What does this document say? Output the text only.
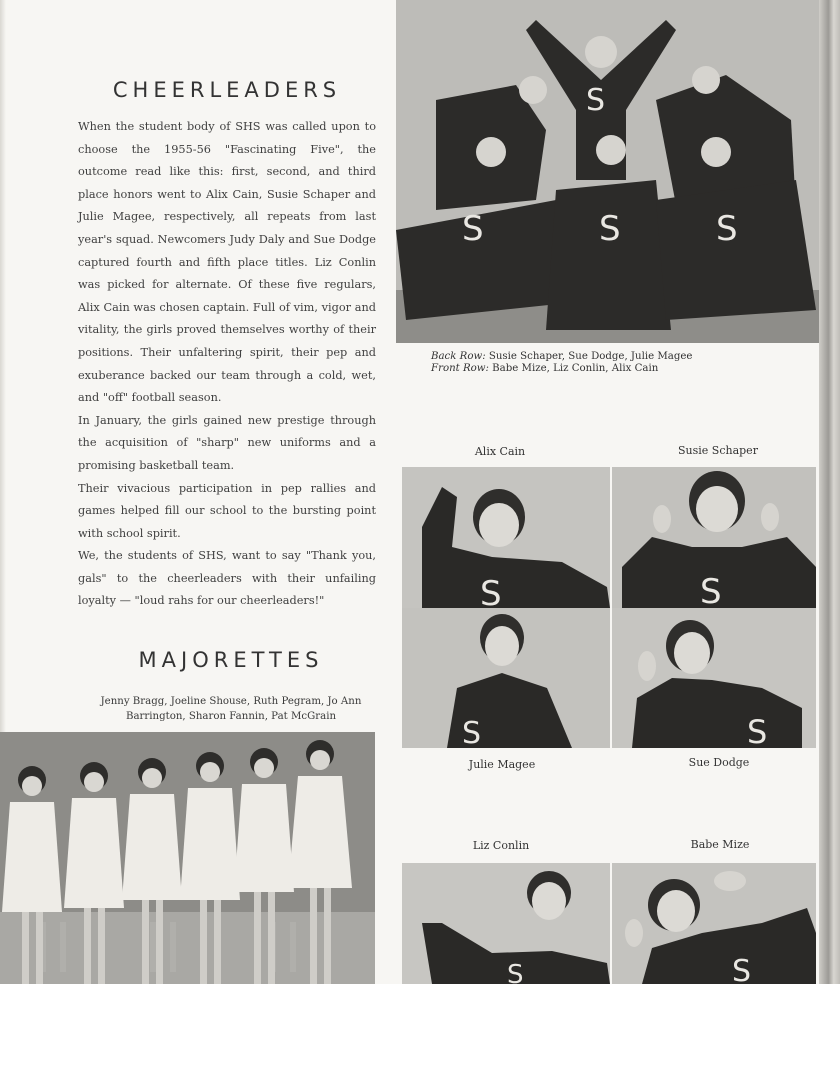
CHEERLEADERS

When the student body of SHS was called upon to choose the 1955-56 "Fascinating Five", the outcome read like this: first, second, and third place honors went to Alix Cain, Susie Schaper and Julie Magee, respectively, all repeats from last year's squad. Newcomers Judy Daly and Sue Dodge captured fourth and fifth place titles. Liz Conlin was picked for alternate. Of these five regulars, Alix Cain was chosen captain. Full of vim, vigor and vitality, the girls proved themselves worthy of their positions. Their unfaltering spirit, their pep and exuberance backed our team through a cold, wet, and "off" football season.

In January, the girls gained new prestige through the acquisition of "sharp" new uniforms and a promising basketball team.

Their vivacious participation in pep rallies and games helped fill our school to the bursting point with school spirit.

We, the students of SHS, want to say "Thank you, gals" to the cheerleaders with their unfailing loyalty — "loud rahs for our cheerleaders!"

MAJORETTES
Jenny Bragg, Joeline Shouse, Ruth Pegram, Jo Ann Barrington, Sharon Fannin, Pat McGrain
S
S	S	S
Back Row: Susie Schaper, Sue Dodge, Julie Magee
Front Row: Babe Mize, Liz Conlin, Alix Cain
Alix Cain	Susie Schaper
Julie Magee	Sue Dodge
Liz Conlin	Babe Mize
S	S
S	S
S	S
